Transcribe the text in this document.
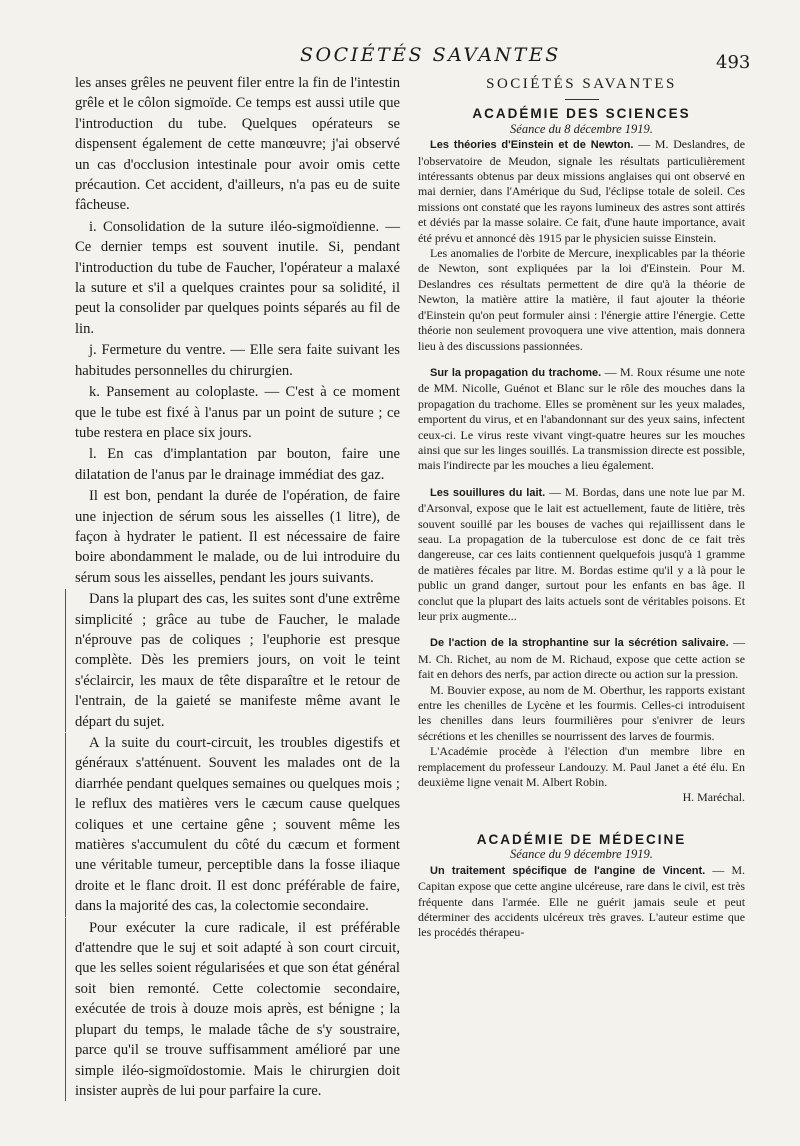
SOCIÉTÉS SAVANTES	493

les anses grêles ne peuvent filer entre la fin de l'intestin grêle et le côlon sigmoïde. Ce temps est aussi utile que l'introduction du tube. Quelques opérateurs se dispensent également de cette manœuvre; j'ai observé un cas d'occlusion intestinale pour avoir omis cette précaution. Cet accident, d'ailleurs, n'a pas eu de suite fâcheuse.

i. Consolidation de la suture iléo-sigmoïdienne. — Ce dernier temps est souvent inutile. Si, pendant l'introduction du tube de Faucher, l'opérateur a malaxé la suture et s'il a quelques craintes pour sa solidité, il peut la consolider par quelques points séparés au fil de lin.

j. Fermeture du ventre. — Elle sera faite suivant les habitudes personnelles du chirurgien.

k. Pansement au coloplaste. — C'est à ce moment que le tube est fixé à l'anus par un point de suture ; ce tube restera en place six jours.

l. En cas d'implantation par bouton, faire une dilatation de l'anus par le drainage immédiat des gaz.

Il est bon, pendant la durée de l'opération, de faire une injection de sérum sous les aisselles (1 litre), de façon à hydrater le patient. Il est nécessaire de faire boire abondamment le malade, ou de lui introduire du sérum sous les aisselles, pendant les jours suivants.

Dans la plupart des cas, les suites sont d'une extrême simplicité ; grâce au tube de Faucher, le malade n'éprouve pas de coliques ; l'euphorie est presque complète. Dès les premiers jours, on voit le teint s'éclaircir, les maux de tête disparaître et le retour de l'entrain, de la gaieté se manifeste même avant le départ du sujet.

A la suite du court-circuit, les troubles digestifs et généraux s'atténuent. Souvent les malades ont de la diarrhée pendant quelques semaines ou quelques mois ; le reflux des matières vers le cæcum cause quelques coliques et une certaine gêne ; souvent même les matières s'accumulent du côté du cæcum et forment une véritable tumeur, perceptible dans la fosse iliaque droite et le flanc droit. Il est donc préférable de faire, dans la majorité des cas, la colectomie secondaire.

Pour exécuter la cure radicale, il est préférable d'attendre que le suj et soit adapté à son court circuit, que les selles soient régularisées et que son état général soit bien remonté. Cette colectomie secondaire, exécutée de trois à douze mois après, est bénigne ; la plupart du temps, le malade tâche de s'y soustraire, parce qu'il se trouve suffisamment amélioré par une simple iléo-sigmoïdostomie. Mais le chirurgien doit insister auprès de lui pour parfaire la cure.

SOCIÉTÉS SAVANTES

ACADÉMIE DES SCIENCES

Séance du 8 décembre 1919.

Les théories d'Einstein et de Newton. — M. Deslandres, de l'observatoire de Meudon, signale les résultats particulièrement intéressants obtenus par deux missions anglaises qui ont observé en mai dernier, dans l'Amérique du Sud, l'éclipse totale de soleil. Ces missions ont constaté que les rayons lumineux des astres sont attirés et déviés par la masse solaire. Ce fait, d'une haute importance, avait été prévu et annoncé dès 1915 par le physicien suisse Einstein.

Les anomalies de l'orbite de Mercure, inexplicables par la théorie de Newton, sont expliquées par la loi d'Einstein. Pour M. Deslandres ces résultats permettent de dire qu'à la théorie de Newton, la matière attire la matière, il faut ajouter la théorie d'Einstein qu'on peut formuler ainsi : l'énergie attire l'énergie. Cette théorie non seulement provoquera une vive attention, mais donnera lieu à des discussions passionnées.

Sur la propagation du trachome. — M. Roux résume une note de MM. Nicolle, Guénot et Blanc sur le rôle des mouches dans la propagation du trachome. Elles se promènent sur les yeux malades, emportent du virus, et en l'abandonnant sur des yeux sains, infectent ceux-ci. Le virus reste vivant vingt-quatre heures sur les mouches ainsi que sur les linges souillés. La transmission directe est possible, mais l'indirecte par les mouches a lieu également.

Les souillures du lait. — M. Bordas, dans une note lue par M. d'Arsonval, expose que le lait est actuellement, faute de litière, très souvent souillé par les bouses de vaches qui rejaillissent dans le seau. La propagation de la tuberculose est donc de ce fait très dangereuse, car ces laits contiennent quelquefois jusqu'à 1 gramme de matières fécales par litre. M. Bordas estime qu'il y a là pour le public un grand danger, surtout pour les enfants en bas âge. Il conclut que la plupart des laits actuels sont de véritables poisons. Et leur prix augmente...

De l'action de la strophantine sur la sécrétion salivaire. — M. Ch. Richet, au nom de M. Richaud, expose que cette action se fait en dehors des nerfs, par action directe ou action sur la pression.

M. Bouvier expose, au nom de M. Oberthur, les rapports existant entre les chenilles de Lycène et les fourmis. Celles-ci introduisent les chenilles dans leurs fourmilières pour s'enivrer de leurs sécrétions et les chenilles se nourrissent des larves de fourmis.

L'Académie procède à l'élection d'un membre libre en remplacement du professeur Landouzy. M. Paul Janet a été élu. En deuxième ligne venait M. Albert Robin.

H. Maréchal.

ACADÉMIE DE MÉDECINE

Séance du 9 décembre 1919.

Un traitement spécifique de l'angine de Vincent. — M. Capitan expose que cette angine ulcéreuse, rare dans le civil, est très fréquente dans l'armée. Elle ne guérit jamais seule et peut déterminer des accidents ulcéreux très graves. L'auteur estime que les procédés thérapeu-
